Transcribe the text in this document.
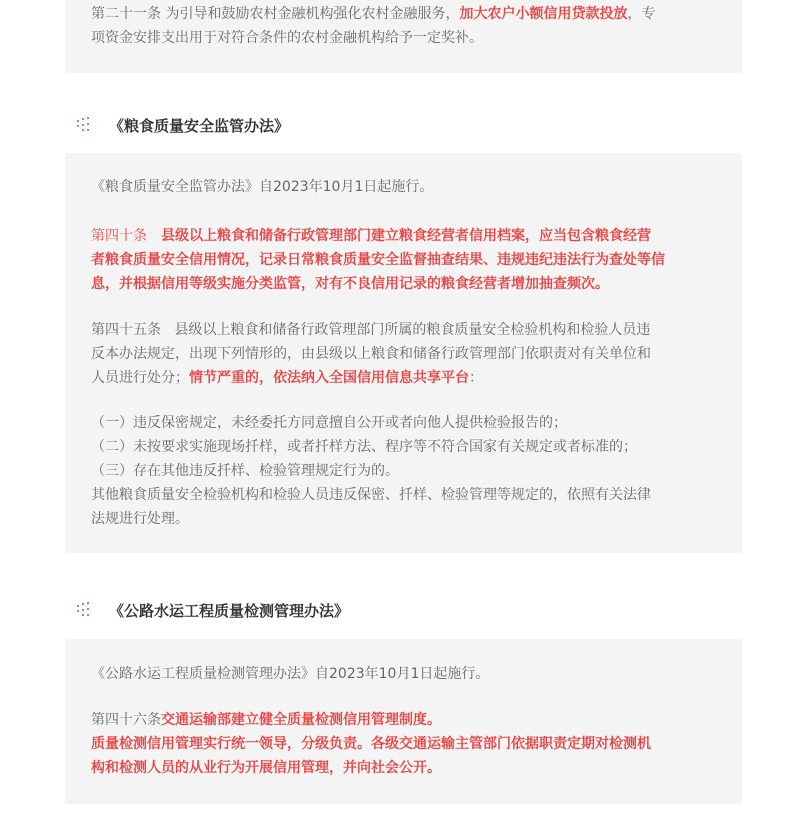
第二十一条 为引导和鼓励农村金融机构强化农村金融服务，加大农户小额信用贷款投放，专
项资金安排支出用于对符合条件的农村金融机构给予一定奖补。
《粮食质量安全监管办法》
《粮食质量安全监管办法》自2023年10月1日起施行。
第四十条 县级以上粮食和储备行政管理部门建立粮食经营者信用档案，应当包含粮食经营
者粮食质量安全信用情况，记录日常粮食质量安全监督抽查结果、违规违纪违法行为查处等信
息，并根据信用等级实施分类监管，对有不良信用记录的粮食经营者增加抽查频次。
第四十五条   县级以上粮食和储备行政管理部门所属的粮食质量安全检验机构和检验人员违
反本办法规定，出现下列情形的，由县级以上粮食和储备行政管理部门依职责对有关单位和
人员进行处分；情节严重的，依法纳入全国信用信息共享平台：
（一）违反保密规定，未经委托方同意擅自公开或者向他人提供检验报告的；
（二）未按要求实施现场扦样，或者扦样方法、程序等不符合国家有关规定或者标准的；
（三）存在其他违反扦样、检验管理规定行为的。
其他粮食质量安全检验机构和检验人员违反保密、扦样、检验管理等规定的，依照有关法律
法规进行处理。
《公路水运工程质量检测管理办法》
《公路水运工程质量检测管理办法》自2023年10月1日起施行。
第四十六条交通运输部建立健全质量检测信用管理制度。
质量检测信用管理实行统一领导，分级负责。各级交通运输主管部门依据职责定期对检测机
构和检测人员的从业行为开展信用管理，并向社会公开。
